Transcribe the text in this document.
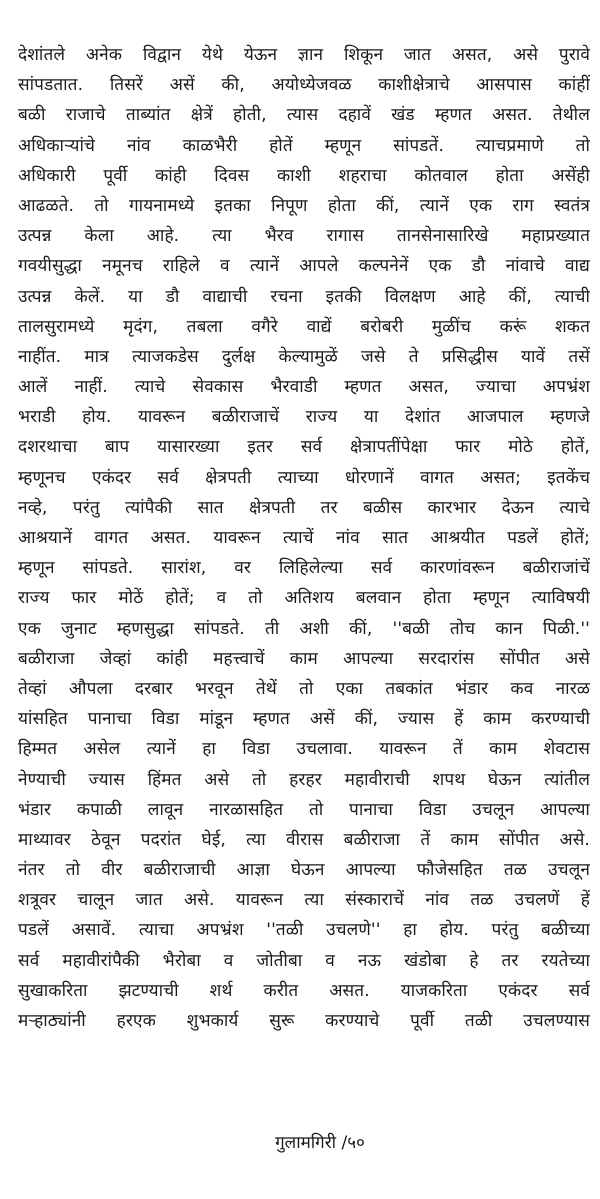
देशांतले अनेक विद्वान येथे येऊन ज्ञान शिकून जात असत, असे पुरावे
सांपडतात. तिसरें असें की, अयोध्येजवळ काशीक्षेत्राचे आसपास कांहीं
बळी राजाचे ताब्यांत क्षेत्रें होती, त्यास दहावें खंड म्हणत असत. तेथील
अधिकाऱ्यांचे नांव काळभैरी होतें म्हणून सांपडतें. त्याचप्रमाणे तो
अधिकारी पूर्वी कांही दिवस काशी शहराचा कोतवाल होता असेंही
आढळते. तो गायनामध्ये इतका निपूण होता कीं, त्यानें एक राग स्वतंत्र
उत्पन्न केला आहे. त्या भैरव रागास तानसेनासारिखे महाप्रख्यात
गवयीसुद्धा नमूनच राहिले व त्यानें आपले कल्पनेनें एक डौ नांवाचे वाद्य
उत्पन्न केलें. या डौ वाद्याची रचना इतकी विलक्षण आहे कीं, त्याची
तालसुरामध्ये मृदंग, तबला वगैरे वाद्यें बरोबरी मुळींच करूं शकत
नाहींत. मात्र त्याजकडेस दुर्लक्ष केल्यामुळें जसे ते प्रसिद्धीस यावें तसें
आलें नाहीं. त्याचे सेवकास भैरवाडी म्हणत असत, ज्याचा अपभ्रंश
भराडी होय. यावरून बळीराजाचें राज्य या देशांत आजपाल म्हणजे
दशरथाचा बाप यासारख्या इतर सर्व क्षेत्रापतींपेक्षा फार मोठे होतें,
म्हणूनच एकंदर सर्व क्षेत्रपती त्याच्या धोरणानें वागत असत; इतकेंच
नव्हे, परंतु त्यांपैकी सात क्षेत्रपती तर बळीस कारभार देऊन त्याचे
आश्रयानें वागत असत. यावरून त्याचें नांव सात आश्रयीत पडलें होतें;
म्हणून सांपडते. सारांश, वर लिहिलेल्या सर्व कारणांवरून बळीराजांचें
राज्य फार मोठें होतें; व तो अतिशय बलवान होता म्हणून त्याविषयी
एक जुनाट म्हणसुद्धा सांपडते. ती अशी कीं, ''बळी तोच कान पिळी.''
बळीराजा जेव्हां कांही महत्त्वाचें काम आपल्या सरदारांस सोंपीत असे
तेव्हां औपला दरबार भरवून तेथें तो एका तबकांत भंडार कव नारळ
यांसहित पानाचा विडा मांडून म्हणत असें कीं, ज्यास हें काम करण्याची
हिम्मत असेल त्यानें हा विडा उचलावा. यावरून तें काम शेवटास
नेण्याची ज्यास हिंमत असे तो हरहर महावीराची शपथ घेऊन त्यांतील
भंडार कपाळी लावून नारळासहित तो पानाचा विडा उचलून आपल्या
माथ्यावर ठेवून पदरांत घेई, त्या वीरास बळीराजा तें काम सोंपीत असे.
नंतर तो वीर बळीराजाची आज्ञा घेऊन आपल्या फौजेसहित तळ उचलून
शत्रूवर चालून जात असे. यावरून त्या संस्काराचें नांव तळ उचलणें हें
पडलें असावें. त्याचा अपभ्रंश ''तळी उचलणे'' हा होय. परंतु बळीच्या
सर्व महावीरांपैकी भैरोबा व जोतीबा व नऊ खंडोबा हे तर रयतेच्या
सुखाकरिता झटण्याची शर्थ करीत असत. याजकरिता एकंदर सर्व
मऱ्हाठ्यांनी हरएक शुभकार्य सुरू करण्याचे पूर्वी तळी उचलण्यास
गुलामगिरी /५०
